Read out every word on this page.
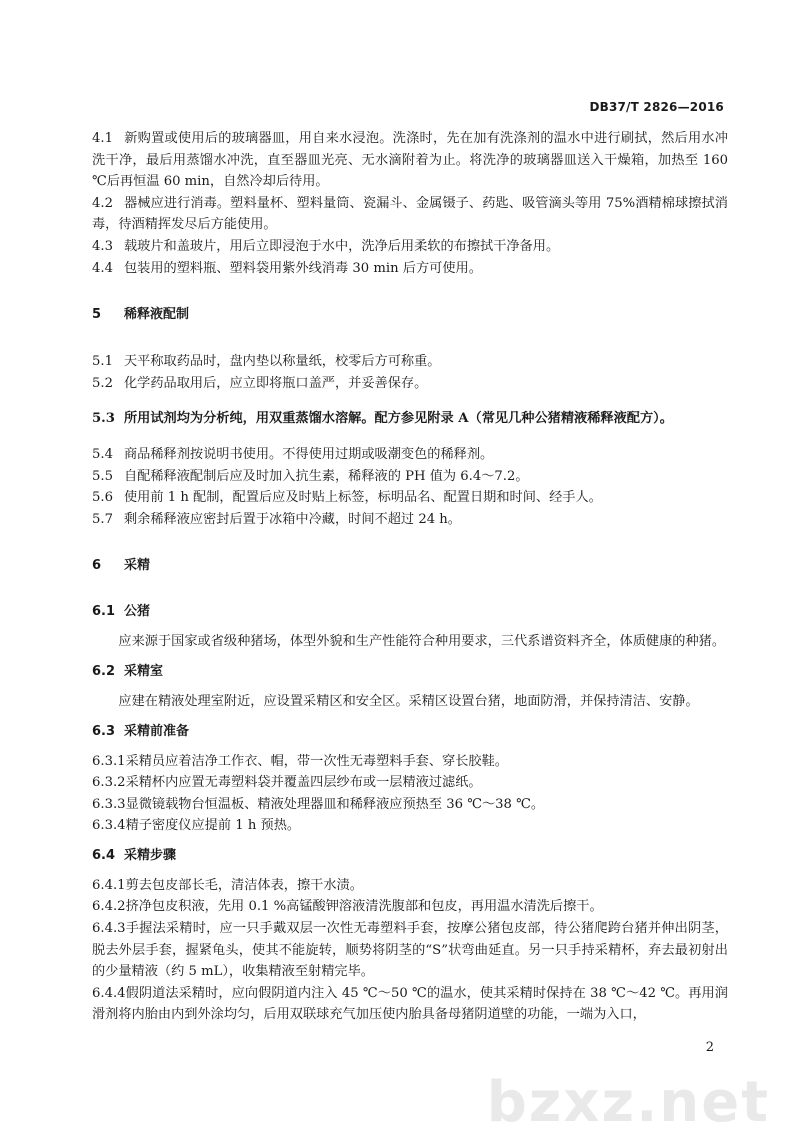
DB37/T 2826—2016

4.1 新购置或使用后的玻璃器皿，用自来水浸泡。洗涤时，先在加有洗涤剂的温水中进行刷拭，然后用水冲洗干净，最后用蒸馏水冲洗，直至器皿光亮、无水滴附着为止。将洗净的玻璃器皿送入干燥箱，加热至 160 ℃后再恒温 60 min，自然冷却后待用。

4.2 器械应进行消毒。塑料量杯、塑料量筒、瓷漏斗、金属镊子、药匙、吸管滴头等用 75%酒精棉球擦拭消毒，待酒精挥发尽后方能使用。

4.3 载玻片和盖玻片，用后立即浸泡于水中，洗净后用柔软的布擦拭干净备用。

4.4 包装用的塑料瓶、塑料袋用紫外线消毒 30 min 后方可使用。

5 稀释液配制

5.1 天平称取药品时，盘内垫以称量纸，校零后方可称重。

5.2 化学药品取用后，应立即将瓶口盖严，并妥善保存。

5.3 所用试剂均为分析纯，用双重蒸馏水溶解。配方参见附录 A（常见几种公猪精液稀释液配方）。

5.4 商品稀释剂按说明书使用。不得使用过期或吸潮变色的稀释剂。

5.5 自配稀释液配制后应及时加入抗生素，稀释液的 PH 值为 6.4～7.2。

5.6 使用前 1 h 配制，配置后应及时贴上标签，标明品名、配置日期和时间、经手人。

5.7 剩余稀释液应密封后置于冰箱中冷藏，时间不超过 24 h。

6 采精
6.1 公猪

应来源于国家或省级种猪场，体型外貌和生产性能符合种用要求，三代系谱资料齐全，体质健康的种猪。

6.2 采精室

应建在精液处理室附近，应设置采精区和安全区。采精区设置台猪，地面防滑，并保持清洁、安静。

6.3 采精前准备

6.3.1采精员应着洁净工作衣、帽，带一次性无毒塑料手套、穿长胶鞋。

6.3.2采精杯内应置无毒塑料袋并覆盖四层纱布或一层精液过滤纸。

6.3.3显微镜载物台恒温板、精液处理器皿和稀释液应预热至 36 ℃～38 ℃。

6.3.4精子密度仪应提前 1 h 预热。

6.4 采精步骤

6.4.1剪去包皮部长毛，清洁体表，擦干水渍。

6.4.2挤净包皮积液，先用 0.1 %高锰酸钾溶液清洗腹部和包皮，再用温水清洗后擦干。

6.4.3手握法采精时，应一只手戴双层一次性无毒塑料手套，按摩公猪包皮部，待公猪爬跨台猪并伸出阴茎，脱去外层手套，握紧龟头，使其不能旋转，顺势将阴茎的“S”状弯曲延直。另一只手持采精杯，弃去最初射出的少量精液（约 5 mL），收集精液至射精完毕。

6.4.4假阴道法采精时，应向假阴道内注入 45 ℃～50 ℃的温水，使其采精时保持在 38 ℃～42 ℃。再用润滑剂将内胎由内到外涂均匀，后用双联球充气加压使内胎具备母猪阴道壁的功能，一端为入口，

2
bzxz.net
